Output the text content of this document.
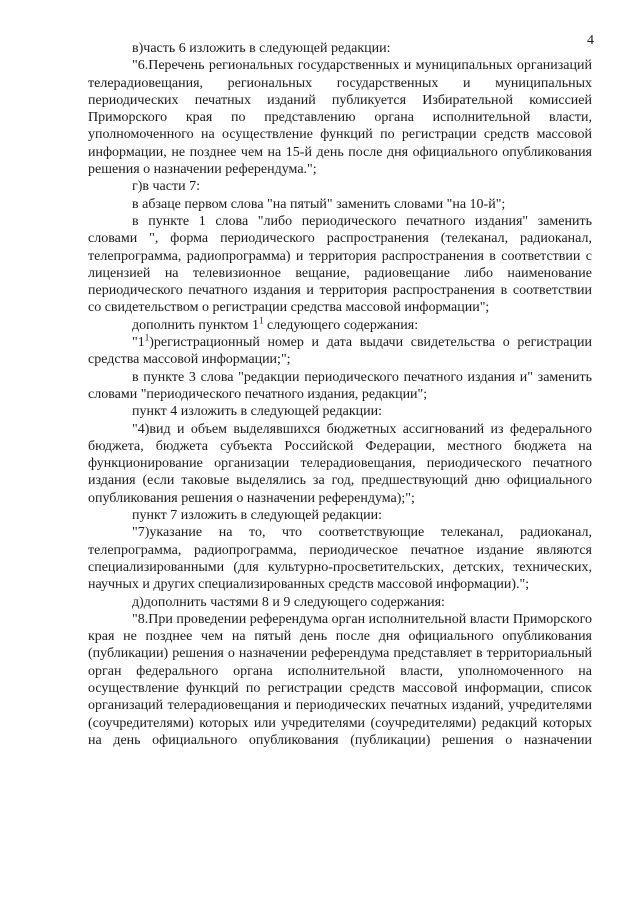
4

в)часть 6 изложить в следующей редакции:

"6.Перечень региональных государственных и муниципальных организаций телерадиовещания, региональных государственных и муниципальных периодических печатных изданий публикуется Избирательной комиссией Приморского края по представлению органа исполнительной власти, уполномоченного на осуществление функций по регистрации средств массовой информации, не позднее чем на 15-й день после дня официального опубликования решения о назначении референдума.";

г)в части 7:

в абзаце первом слова "на пятый" заменить словами "на 10-й";

в пункте 1 слова "либо периодического печатного издания" заменить словами ", форма периодического распространения (телеканал, радиоканал, телепрограмма, радиопрограмма) и территория распространения в соответствии с лицензией на телевизионное вещание, радиовещание либо наименование периодического печатного издания и территория распространения в соответствии со свидетельством о регистрации средства массовой информации";

дополнить пунктом $1^1$ следующего содержания:

"$1^1)регистрационный$ номер и дата выдачи свидетельства о регистрации средства массовой информации;";

в пункте 3 слова "редакции периодического печатного издания и" заменить словами "периодического печатного издания, редакции";

пункт 4 изложить в следующей редакции:

"4)вид и объем выделявшихся бюджетных ассигнований из федерального бюджета, бюджета субъекта Российской Федерации, местного бюджета на функционирование организации телерадиовещания, периодического печатного издания (если таковые выделялись за год, предшествующий дню официального опубликования решения о назначении референдума);";

пункт 7 изложить в следующей редакции:

"7)указание на то, что соответствующие телеканал, радиоканал, телепрограмма, радиопрограмма, периодическое печатное издание являются специализированными (для культурно-просветительских, детских, технических, научных и других специализированных средств массовой информации).";

д)дополнить частями 8 и 9 следующего содержания:

"8.При проведении референдума орган исполнительной власти Приморского края не позднее чем на пятый день после дня официального опубликования (публикации) решения о назначении референдума представляет в территориальный орган федерального органа исполнительной власти, уполномоченного на осуществление функций по регистрации средств массовой информации, список организаций телерадиовещания и периодических печатных изданий, учредителями (соучредителями) которых или учредителями (соучредителями) редакций которых на день официального опубликования (публикации) решения о назначении
